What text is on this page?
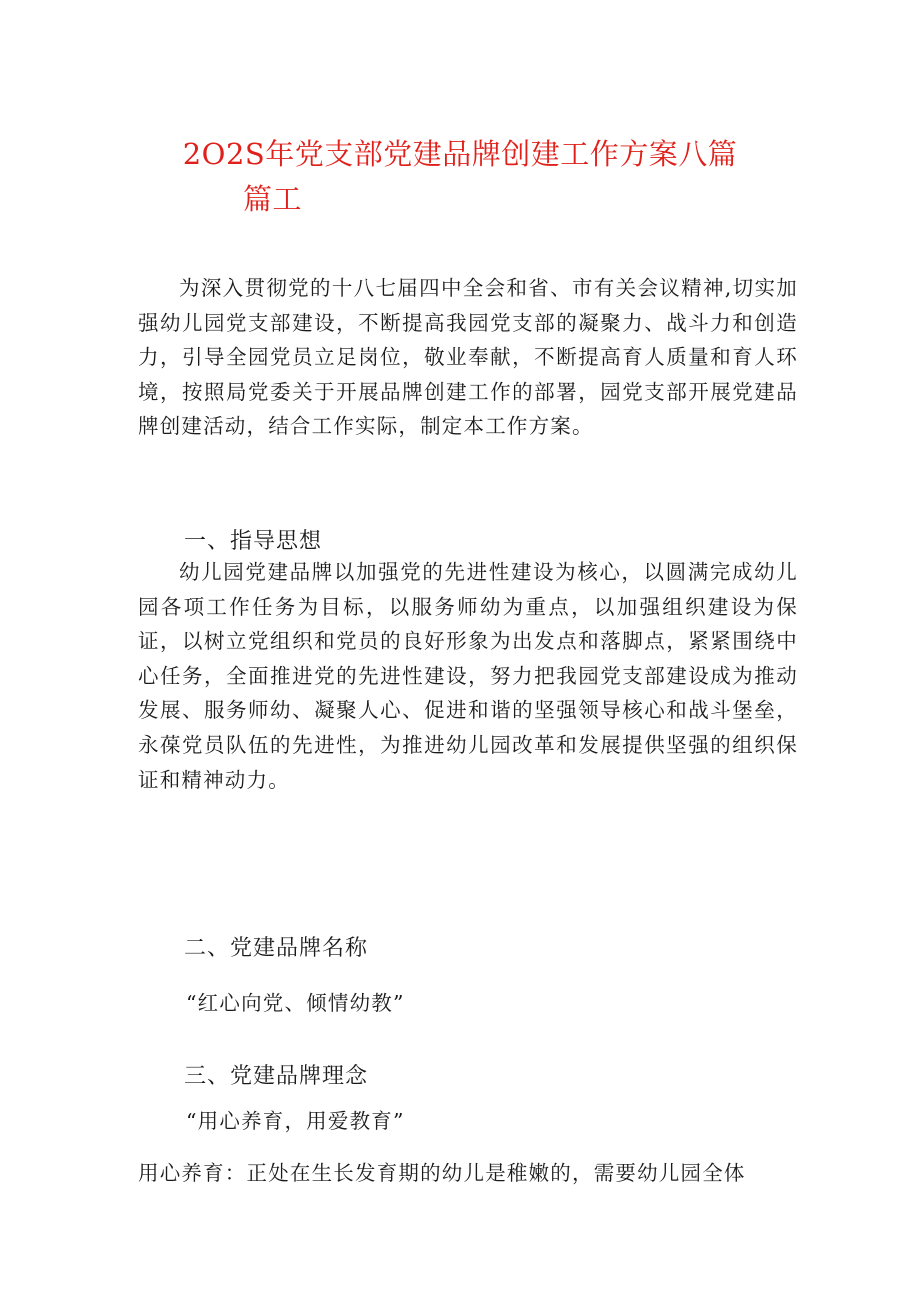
2O2S年党支部党建品牌创建工作方案八篇
篇工
为深入贯彻党的十八七届四中全会和省、市有关会议精神,切实加强幼儿园党支部建设，不断提高我园党支部的凝聚力、战斗力和创造力，引导全园党员立足岗位，敬业奉献，不断提高育人质量和育人环境，按照局党委关于开展品牌创建工作的部署，园党支部开展党建品牌创建活动，结合工作实际，制定本工作方案。
一、指导思想
幼儿园党建品牌以加强党的先进性建设为核心，以圆满完成幼儿园各项工作任务为目标，以服务师幼为重点，以加强组织建设为保证，以树立党组织和党员的良好形象为出发点和落脚点，紧紧围绕中心任务，全面推进党的先进性建设，努力把我园党支部建设成为推动发展、服务师幼、凝聚人心、促进和谐的坚强领导核心和战斗堡垒，永葆党员队伍的先进性，为推进幼儿园改革和发展提供坚强的组织保证和精神动力。
二、党建品牌名称
“红心向党、倾情幼教”
三、党建品牌理念
“用心养育，用爱教育”
用心养育：正处在生长发育期的幼儿是稚嫩的，需要幼儿园全体
